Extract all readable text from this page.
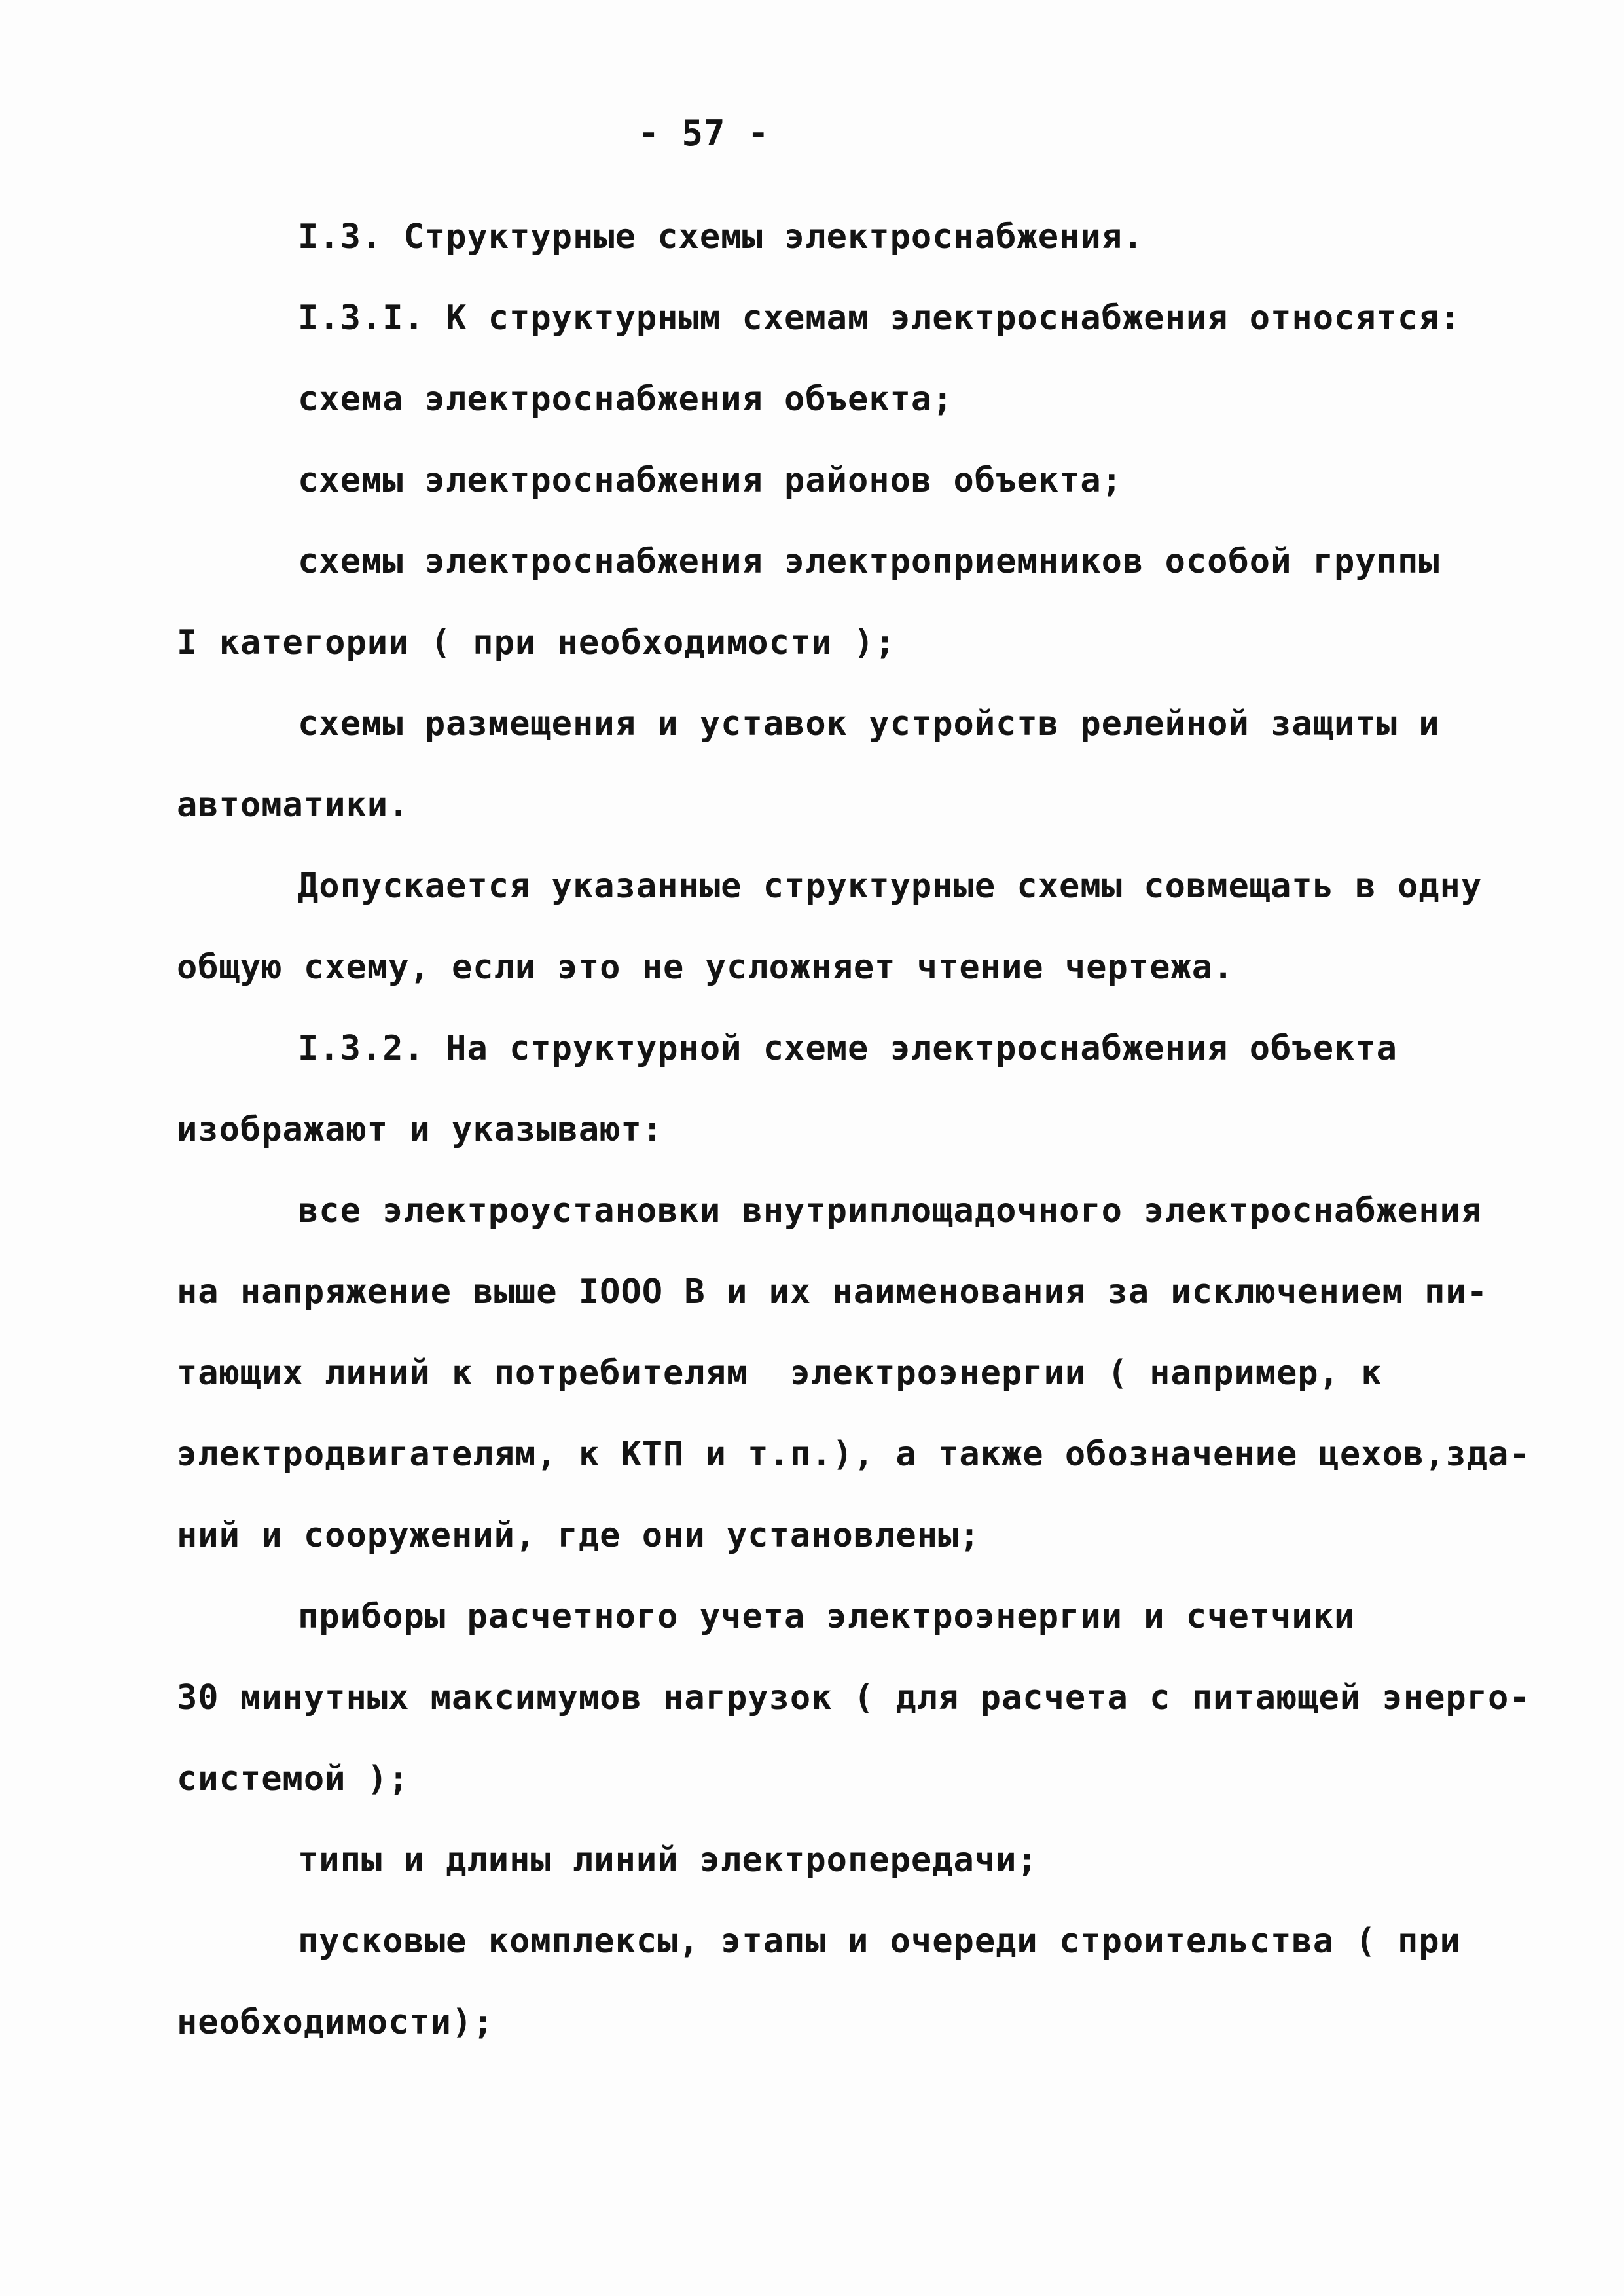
- 57 -
I.3. Структурные схемы электроснабжения.
I.3.I. К структурным схемам электроснабжения относятся:
схема электроснабжения объекта;
схемы электроснабжения районов объекта;
схемы электроснабжения электроприемников особой группы
I категории ( при необходимости );
схемы размещения и уставок устройств релейной защиты и
автоматики.
Допускается указанные структурные схемы совмещать в одну
общую схему, если это не усложняет чтение чертежа.
I.3.2. На структурной схеме электроснабжения объекта
изображают и указывают:
все электроустановки внутриплощадочного электроснабжения
на напряжение выше IOOO В и их наименования за исключением пи-
тающих линий к потребителям  электроэнергии ( например, к
электродвигателям, к КТП и т.п.), а также обозначение цехов,зда-
ний и сооружений, где они установлены;
приборы расчетного учета электроэнергии и счетчики
30 минутных максимумов нагрузок ( для расчета с питающей энерго-
системой );
типы и длины линий электропередачи;
пусковые комплексы, этапы и очереди строительства ( при
необходимости);
